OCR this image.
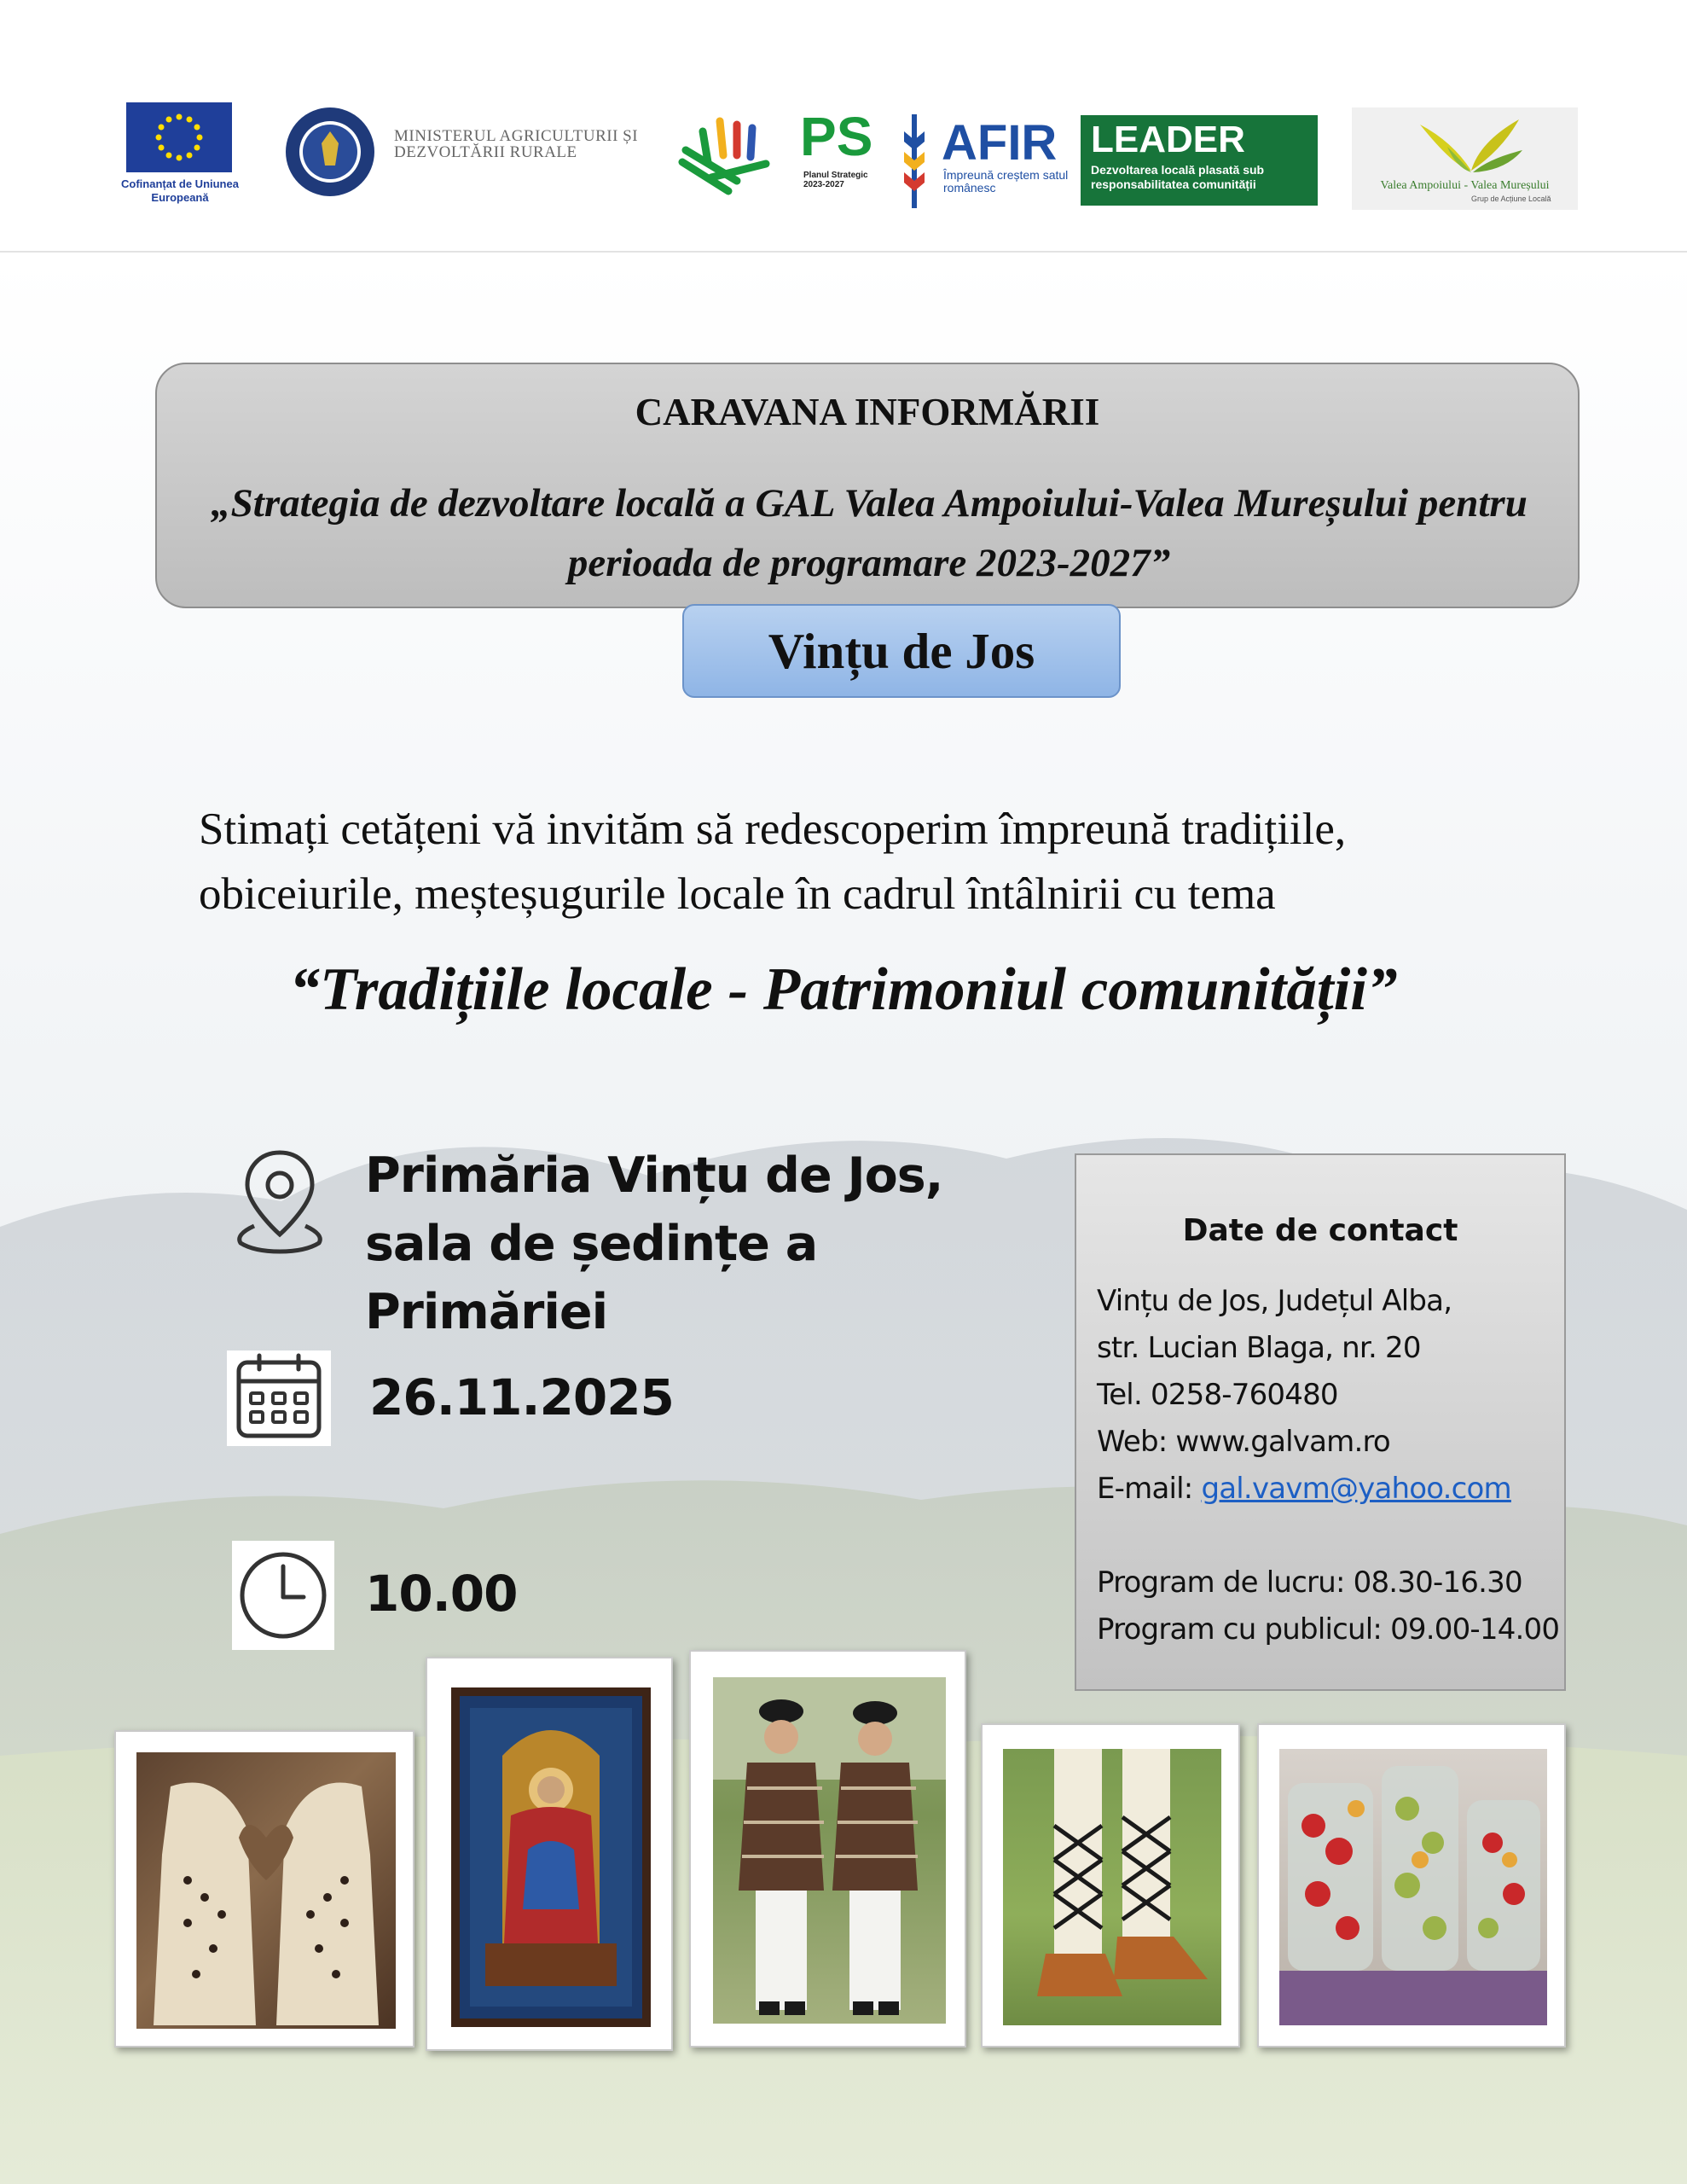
Cofinanțat de Uniunea Europeană
MINISTERUL AGRICULTURII ȘI DEZVOLTĂRII RURALE	PS
Planul Strategic 2023-2027
AFIR
Împreună creștem satul românesc
LEADER
Dezvoltarea locală plasată sub responsabilitatea comunității	Valea Ampoiului - Valea Mureșului
Grup de Acțiune Locală
CARAVANA INFORMĂRII
„Strategia de dezvoltare locală a GAL Valea Ampoiului-Valea Mureșului pentru perioada de programare 2023-2027”
Vințu de Jos
Stimați cetățeni vă invităm să redescoperim împreună tradițiile, obiceiurile, meșteșugurile locale în cadrul întâlnirii cu tema
“Tradițiile locale - Patrimoniul comunității”
Primăria Vințu de Jos, sala de ședințe a Primăriei
26.11.2025
10.00
Date de contact
Vințu de Jos, Județul Alba,
str. Lucian Blaga, nr. 20
Tel. 0258-760480
Web: www.galvam.ro
E-mail: gal.vavm@yahoo.com
Program de lucru: 08.30-16.30
Program cu publicul: 09.00-14.00
